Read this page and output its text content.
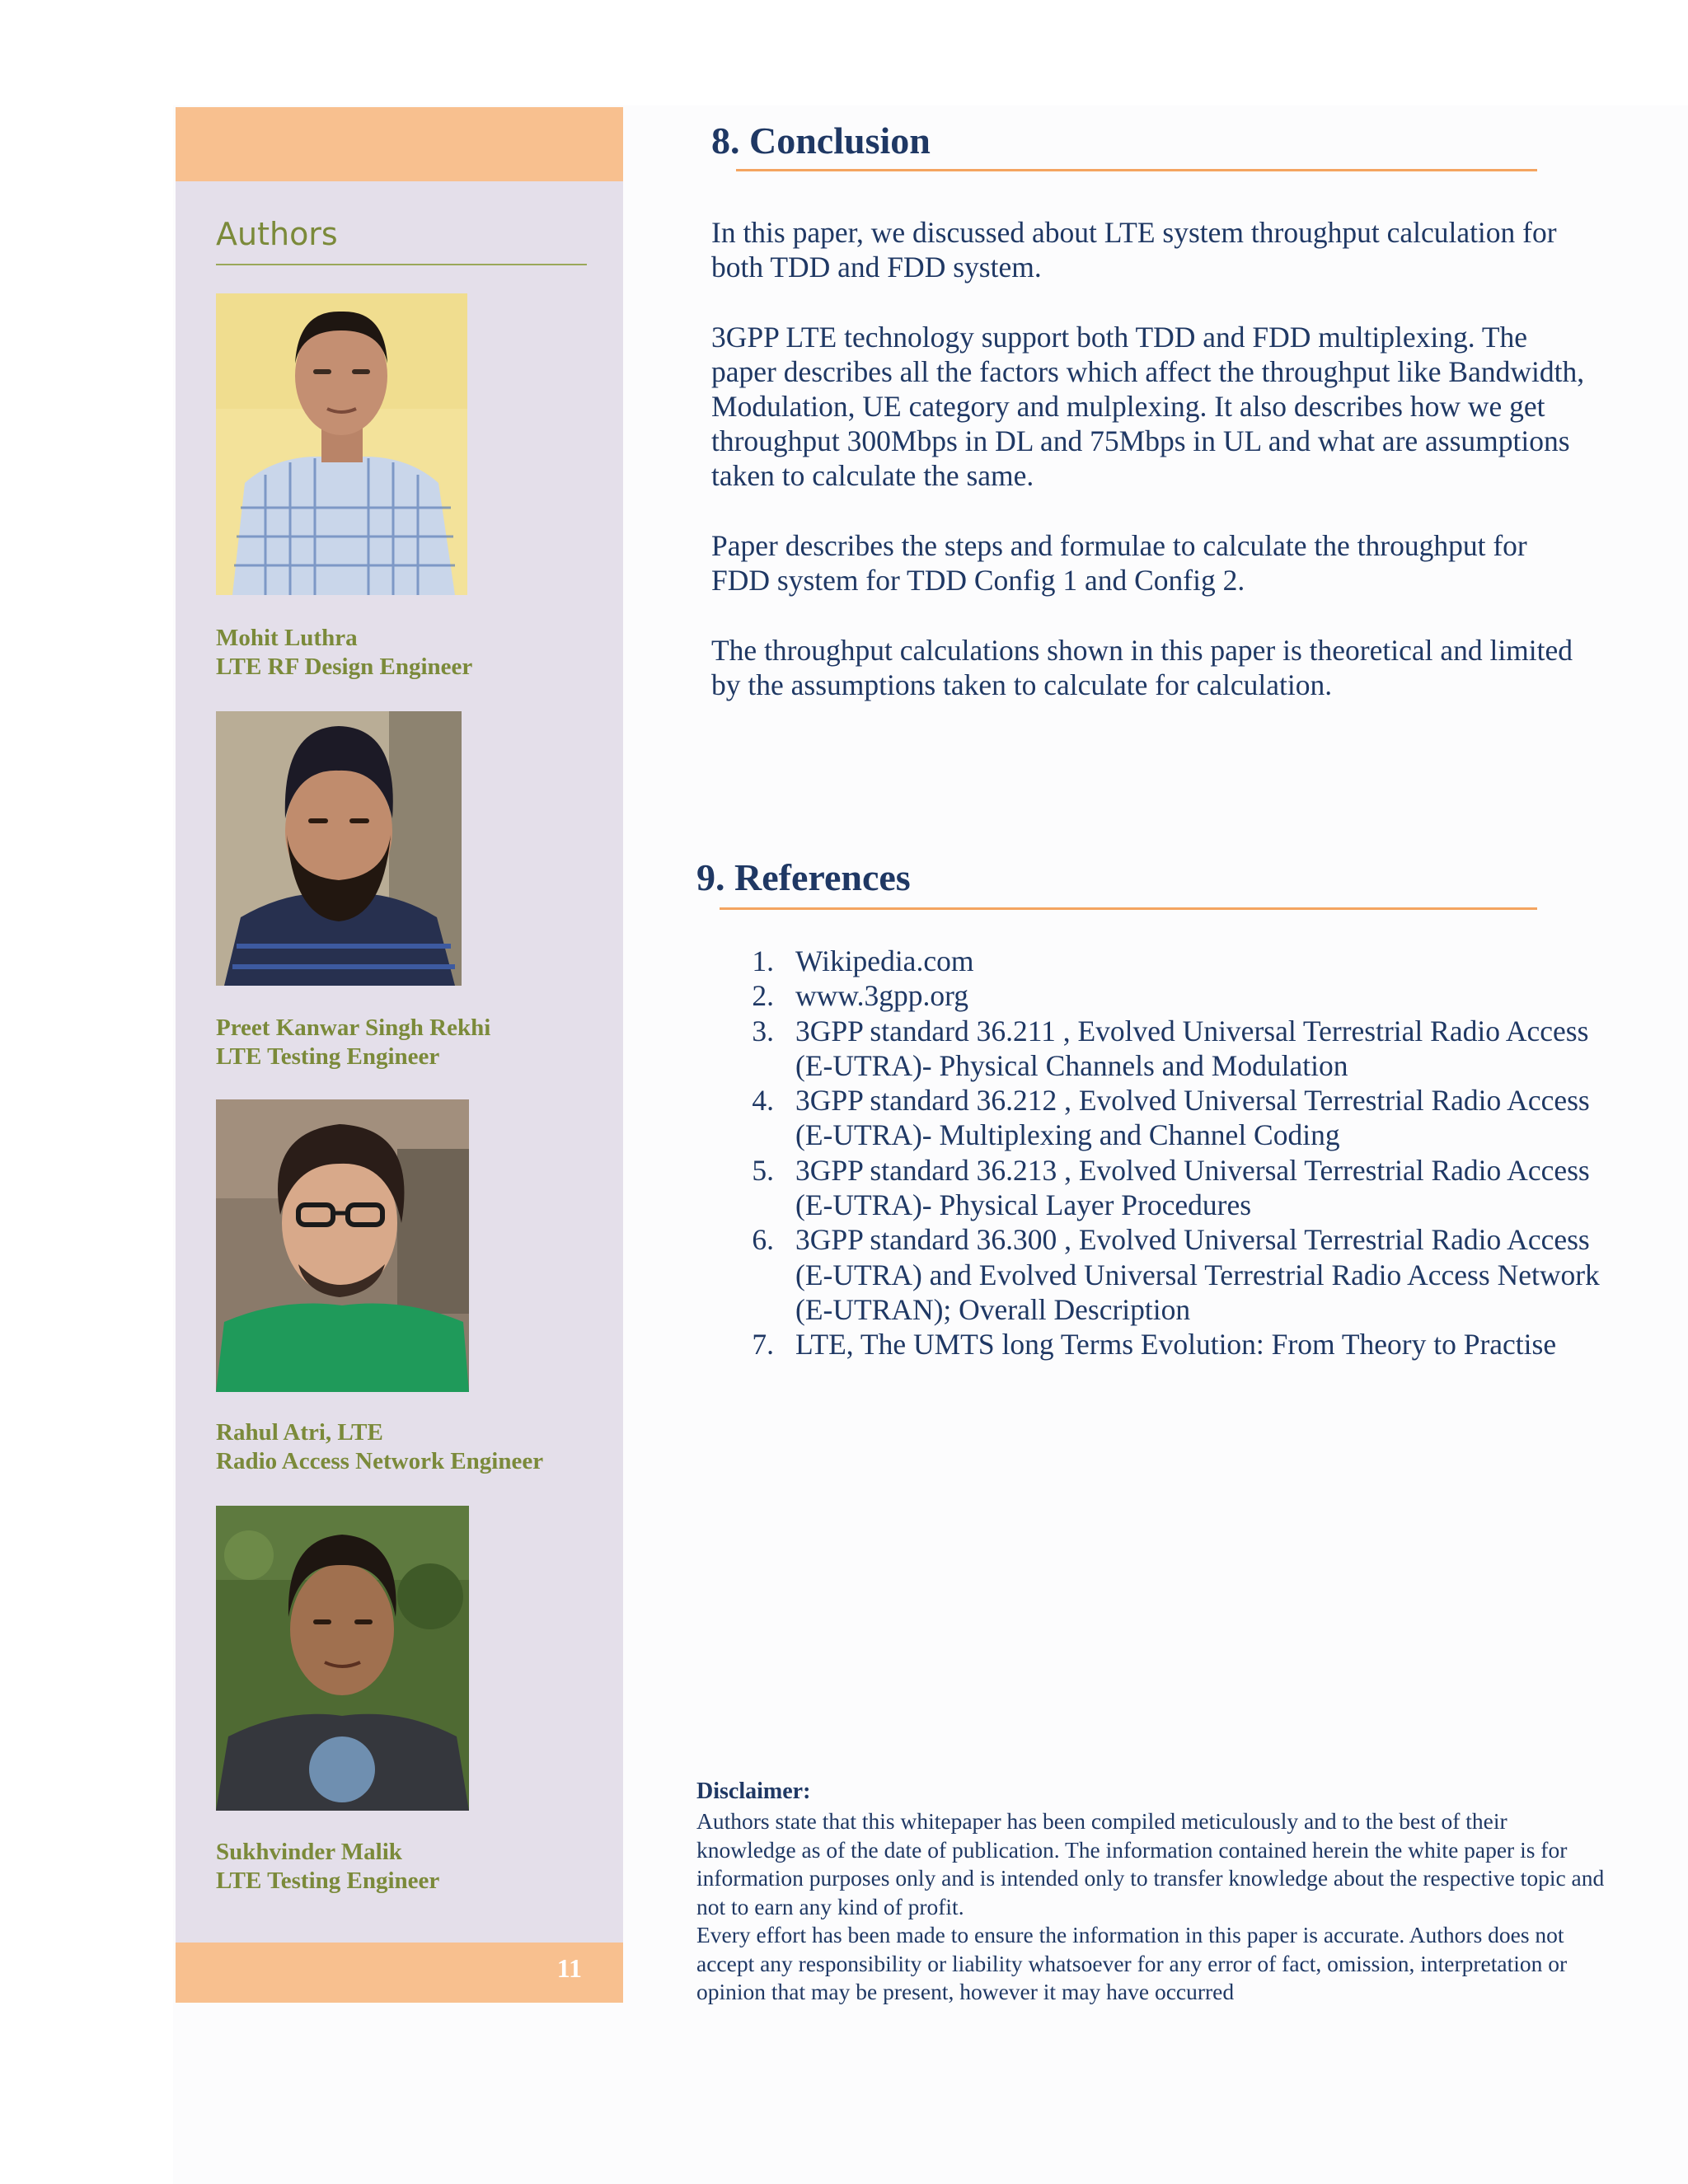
Authors
Mohit Luthra
LTE RF Design Engineer
Preet Kanwar Singh Rekhi
LTE Testing Engineer
Rahul Atri, LTE
Radio Access Network Engineer
Sukhvinder Malik
LTE Testing Engineer
11
8. Conclusion

In this paper, we discussed about LTE system throughput calculation for both TDD and FDD system.

3GPP LTE technology support both TDD and FDD multiplexing. The paper describes all the factors which affect the throughput like Bandwidth, Modulation, UE category and mulplexing. It also describes how we get throughput 300Mbps in DL and 75Mbps in UL and what are assumptions taken to calculate the same.

Paper describes the steps and formulae to calculate the throughput for FDD system for TDD Config 1 and Config 2.

The throughput calculations shown in this paper is theoretical and limited by the assumptions taken to calculate for calculation.

9. References
1. Wikipedia.com
2. www.3gpp.org
3. 3GPP standard 36.211 , Evolved Universal Terrestrial Radio Access (E-UTRA)- Physical Channels and Modulation
4. 3GPP standard 36.212 , Evolved Universal Terrestrial Radio Access (E-UTRA)- Multiplexing and Channel Coding
5. 3GPP standard 36.213 , Evolved Universal Terrestrial Radio Access (E-UTRA)- Physical Layer Procedures
6. 3GPP standard 36.300 , Evolved Universal Terrestrial Radio Access (E-UTRA) and Evolved Universal Terrestrial Radio Access Network (E-UTRAN); Overall Description
7. LTE, The UMTS long Terms Evolution: From Theory to Practise
Disclaimer:
Authors state that this whitepaper has been compiled meticulously and to the best of their knowledge as of the date of publication. The information contained herein the white paper is for information purposes only and is intended only to transfer knowledge about the respective topic and not to earn any kind of profit.
Every effort has been made to ensure the information in this paper is accurate. Authors does not accept any responsibility or liability whatsoever for any error of fact, omission, interpretation or opinion that may be present, however it may have occurred
